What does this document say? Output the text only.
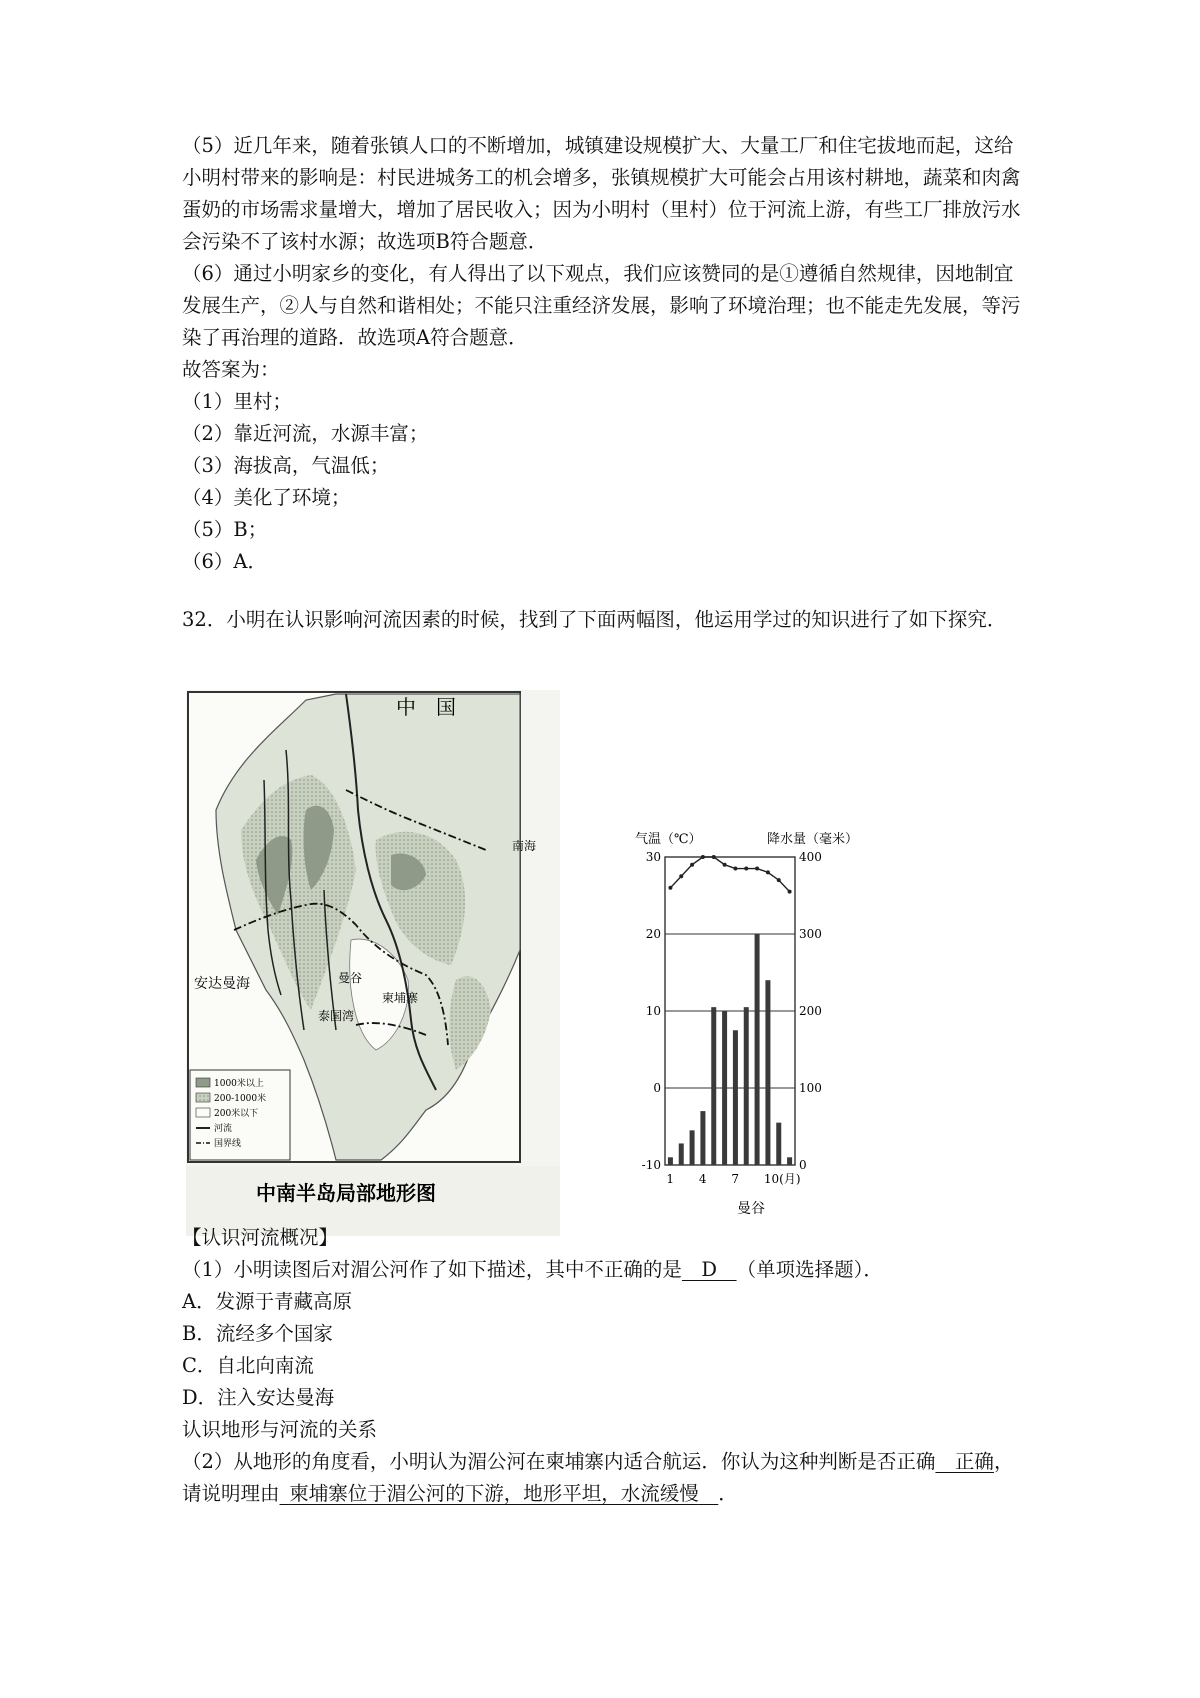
（5）近几年来，随着张镇人口的不断增加，城镇建设规模扩大、大量工厂和住宅拔地而起，这给小明村带来的影响是：村民进城务工的机会增多，张镇规模扩大可能会占用该村耕地，蔬菜和肉禽蛋奶的市场需求量增大，增加了居民收入；因为小明村（里村）位于河流上游，有些工厂排放污水会污染不了该村水源；故选项B符合题意．

（6）通过小明家乡的变化，有人得出了以下观点，我们应该赞同的是①遵循自然规律，因地制宜发展生产，②人与自然和谐相处；不能只注重经济发展，影响了环境治理；也不能走先发展，等污染了再治理的道路．故选项A符合题意．

故答案为：

（1）里村；

（2）靠近河流，水源丰富；

（3）海拔高，气温低；

（4）美化了环境；

（5）B；

（6）A．

32．小明在认识影响河流因素的时候，找到了下面两幅图，他运用学过的知识进行了如下探究．

中　国
安达曼海
泰国湾
曼谷
柬埔寨
南海
1000米以上
200-1000米
200米以下
河流
国界线
中南半岛局部地形图
气温（℃）	降水量（毫米）
30
20
10
0
-10
400
300
200
100
0
1 4 7 10(月)
曼谷

【认识河流概况】

（1）小明读图后对湄公河作了如下描述，其中不正确的是   D   （单项选择题）．

A．发源于青藏高原

B．流经多个国家

C．自北向南流

D．注入安达曼海

认识地形与河流的关系

（2）从地形的角度看，小明认为湄公河在柬埔寨内适合航运．你认为这种判断是否正确   正确，请说明理由  柬埔寨位于湄公河的下游，地形平坦，水流缓慢   ．
